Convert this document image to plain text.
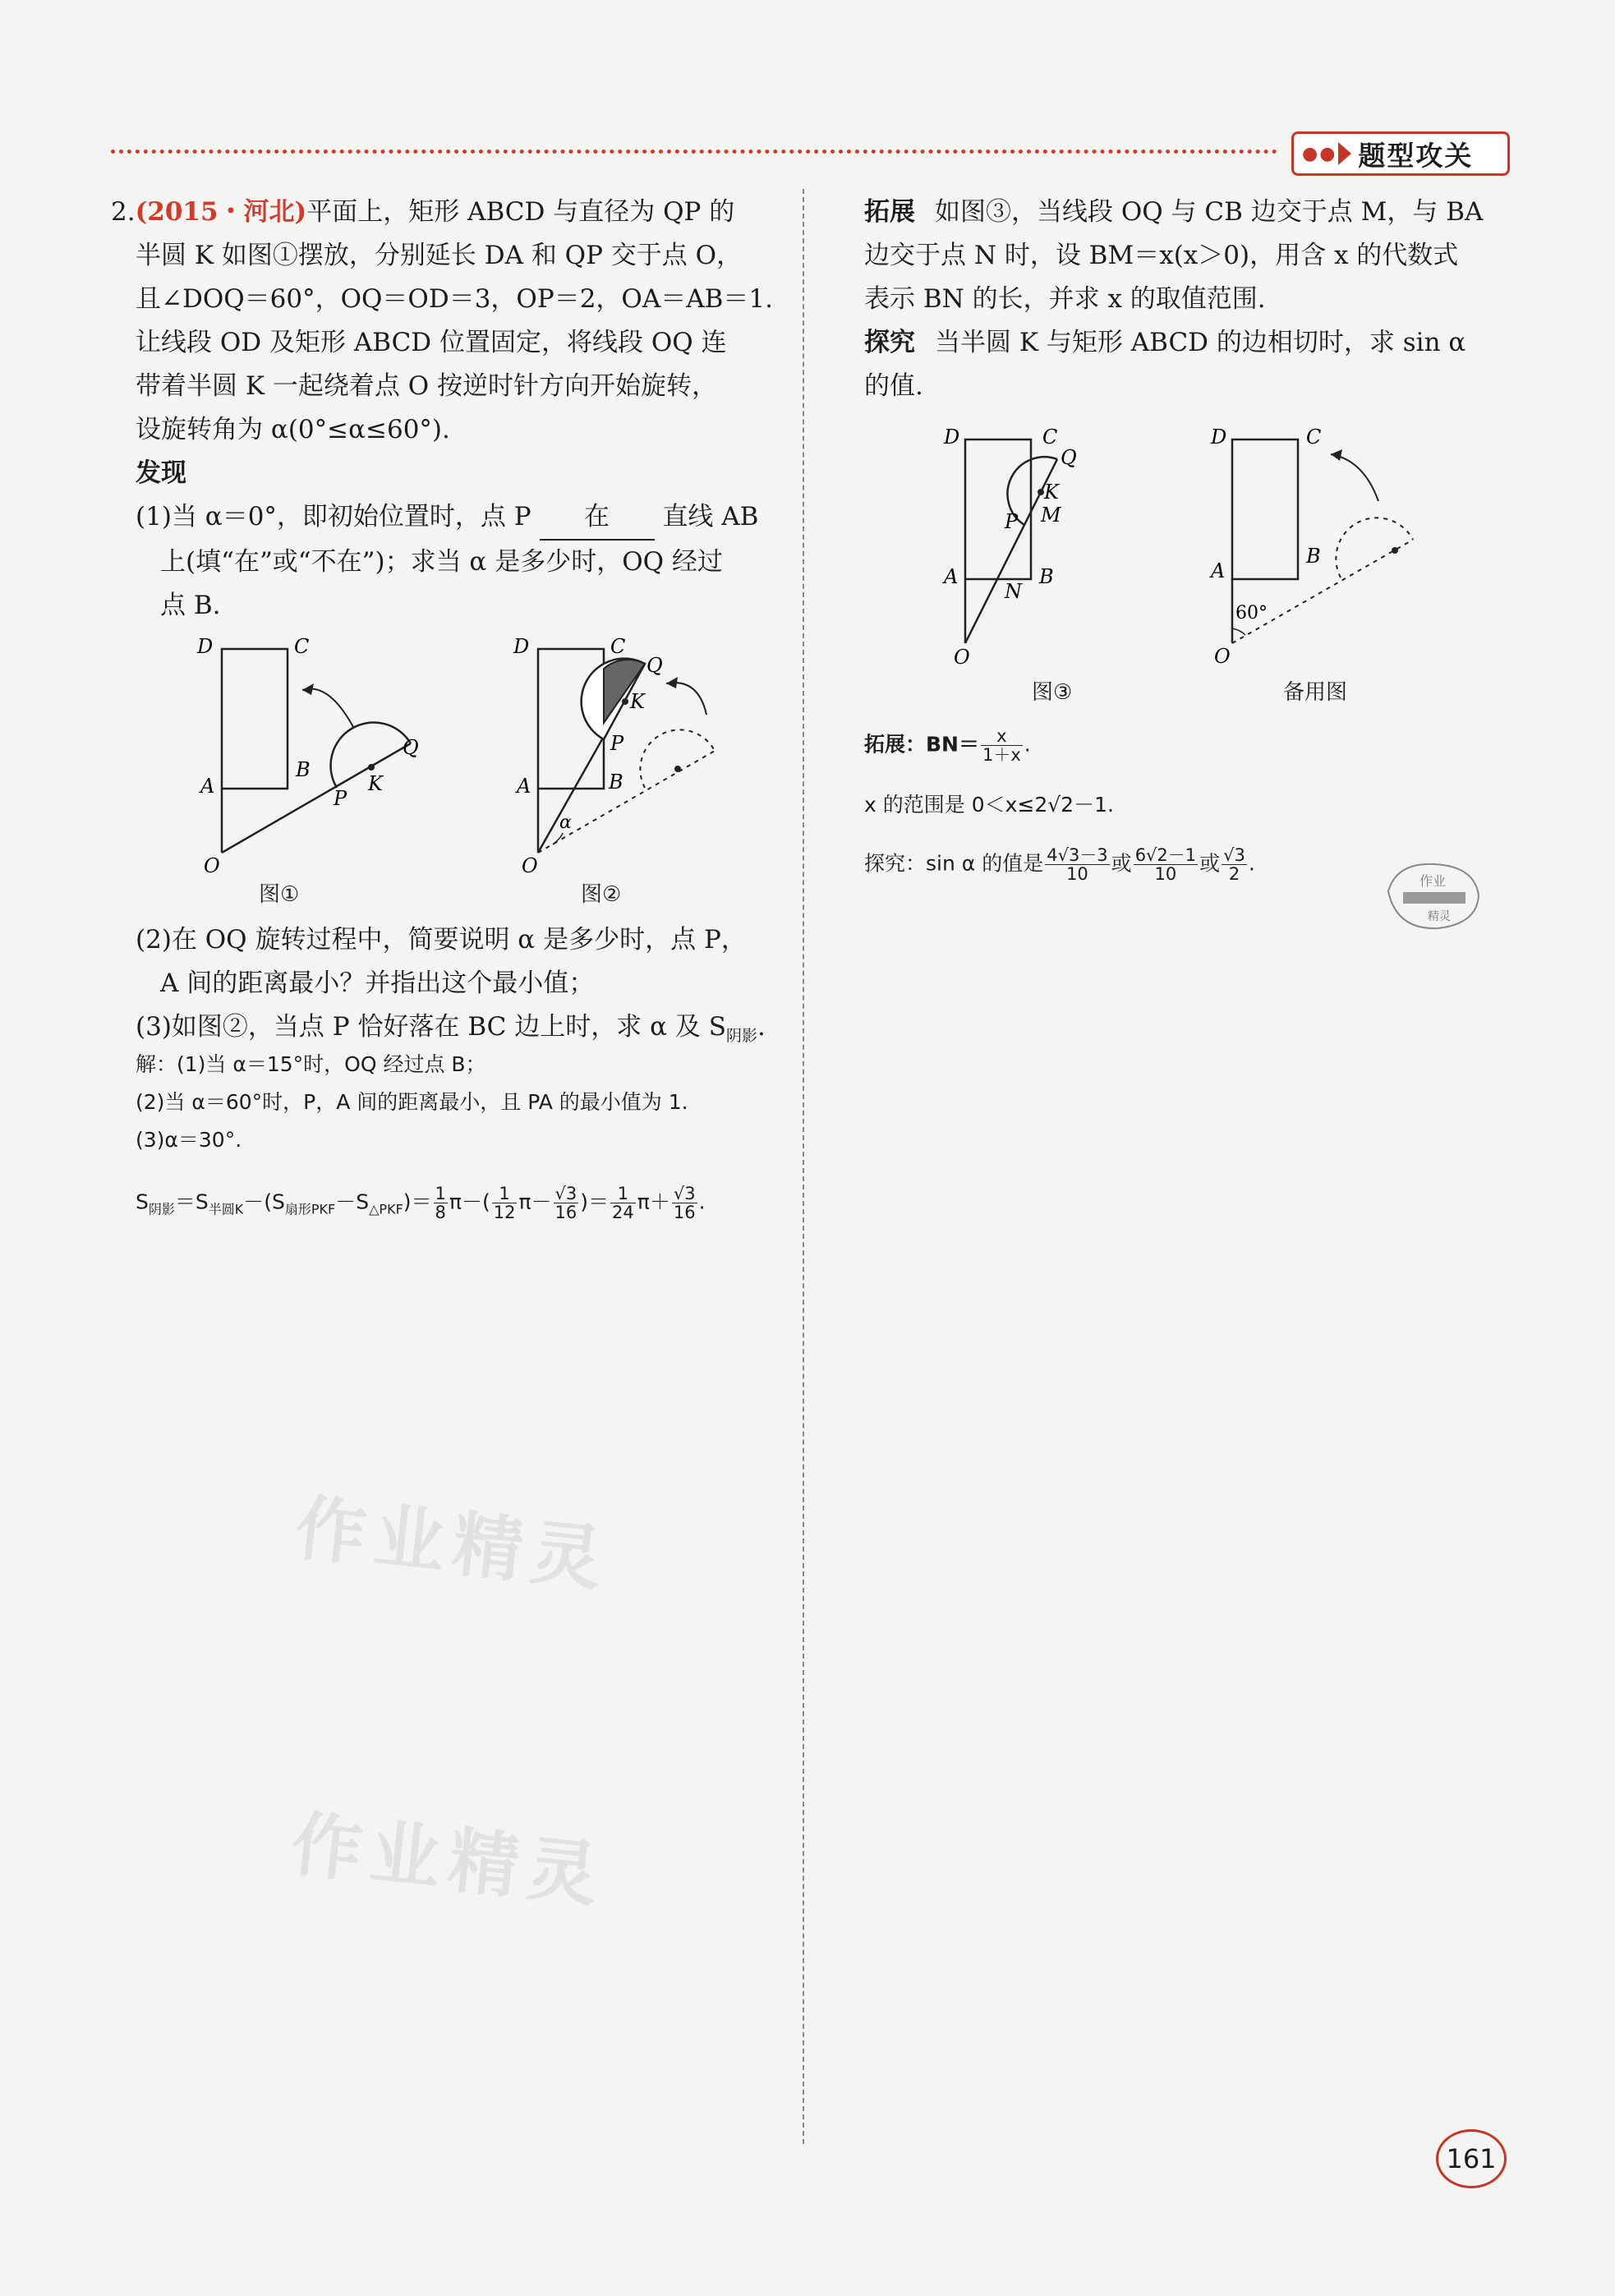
●● 题型攻关
作业精灵
作业精灵
2.(2015・河北)平面上，矩形 ABCD 与直径为 QP 的
半圆 K 如图①摆放，分别延长 DA 和 QP 交于点 O，
且∠DOQ＝60°，OQ＝OD＝3，OP＝2，OA＝AB＝1.
让线段 OD 及矩形 ABCD 位置固定，将线段 OQ 连
带着半圆 K 一起绕着点 O 按逆时针方向开始旋转，
设旋转角为 α(0°≤α≤60°).
发现
(1)当 α＝0°，即初始位置时，点 P 在 直线 AB
上(填“在”或“不在”)；求当 α 是多少时，OQ 经过
点 B.
D	C
A
B
O
P
K
Q
图①
D	C
A	B
O
P
K
Q
α
图②
(2)在 OQ 旋转过程中，简要说明 α 是多少时，点 P，
A 间的距离最小？并指出这个最小值；
(3)如图②，当点 P 恰好落在 BC 边上时，求 α 及 $S_{阴影}$.
解：(1)当 α＝15°时，OQ 经过点 B；
(2)当 α＝60°时，P，A 间的距离最小，且 PA 的最小值为 1.
(3)α＝30°.
$S_{阴影}=S_{半圆K}-(S_{扇形PKF}-S_{\triangle PKF})= \frac{1}{8} \pi-( \frac{1}{12} \pi- \frac{√3}{16}$ )＝ $\frac{1}{24} \pi+ \frac{√3}{16}$ .
拓展 如图③，当线段 OQ 与 CB 边交于点 M，与 BA
边交于点 N 时，设 BM＝x(x＞0)，用含 x 的代数式
表示 BN 的长，并求 x 的取值范围.
探究 当半圆 K 与矩形 ABCD 的边相切时，求 sin α
的值.
D	C
A	B
O
P
K
Q
M
N
图③
D	C
A
B
O
60°
备用图
拓展：$BN= \frac{x}{1+x}$ .
x 的范围是 0＜x≤2√2－1.
探究：sin α 的值是 $\frac{4√3-3}{10}$ 或 $\frac{6√2-1}{10}$ 或 $\frac{√3}{2}$ .
作业
精灵
161
